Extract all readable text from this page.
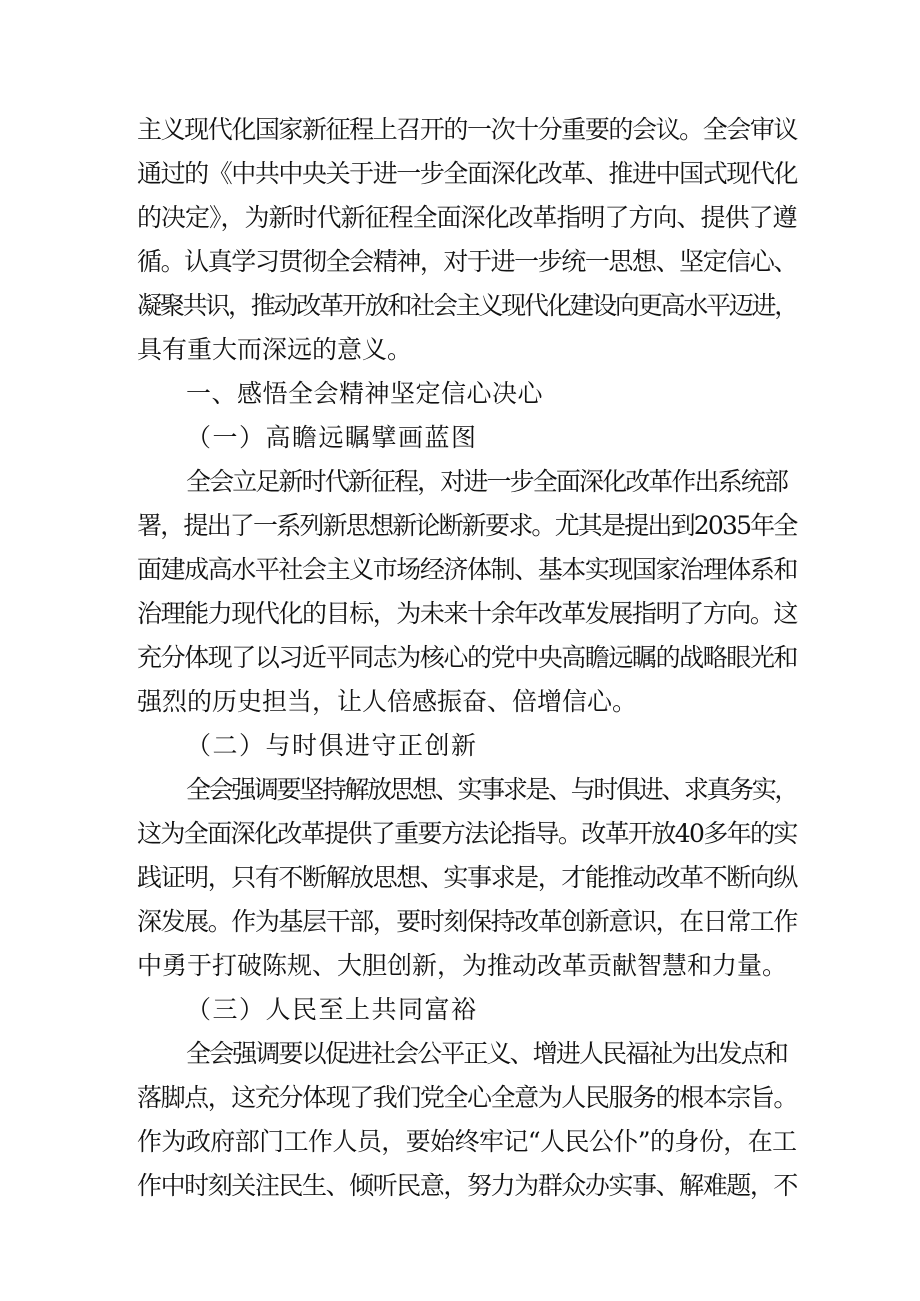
主义现代化国家新征程上召开的一次十分重要的会议。全会审议
通过的《中共中央关于进一步全面深化改革、推进中国式现代化
的决定》，为新时代新征程全面深化改革指明了方向、提供了遵
循。认真学习贯彻全会精神，对于进一步统一思想、坚定信心、
凝聚共识，推动改革开放和社会主义现代化建设向更高水平迈进，
具有重大而深远的意义。
一、感悟全会精神坚定信心决心
（一）高瞻远瞩擘画蓝图
全会立足新时代新征程，对进一步全面深化改革作出系统部
署，提出了一系列新思想新论断新要求。尤其是提出到2035年全
面建成高水平社会主义市场经济体制、基本实现国家治理体系和
治理能力现代化的目标，为未来十余年改革发展指明了方向。这
充分体现了以习近平同志为核心的党中央高瞻远瞩的战略眼光和
强烈的历史担当，让人倍感振奋、倍增信心。
（二）与时俱进守正创新
全会强调要坚持解放思想、实事求是、与时俱进、求真务实，
这为全面深化改革提供了重要方法论指导。改革开放40多年的实
践证明，只有不断解放思想、实事求是，才能推动改革不断向纵
深发展。作为基层干部，要时刻保持改革创新意识，在日常工作
中勇于打破陈规、大胆创新，为推动改革贡献智慧和力量。
（三）人民至上共同富裕
全会强调要以促进社会公平正义、增进人民福祉为出发点和
落脚点，这充分体现了我们党全心全意为人民服务的根本宗旨。
作为政府部门工作人员，要始终牢记“人民公仆”的身份，在工
作中时刻关注民生、倾听民意，努力为群众办实事、解难题，不
